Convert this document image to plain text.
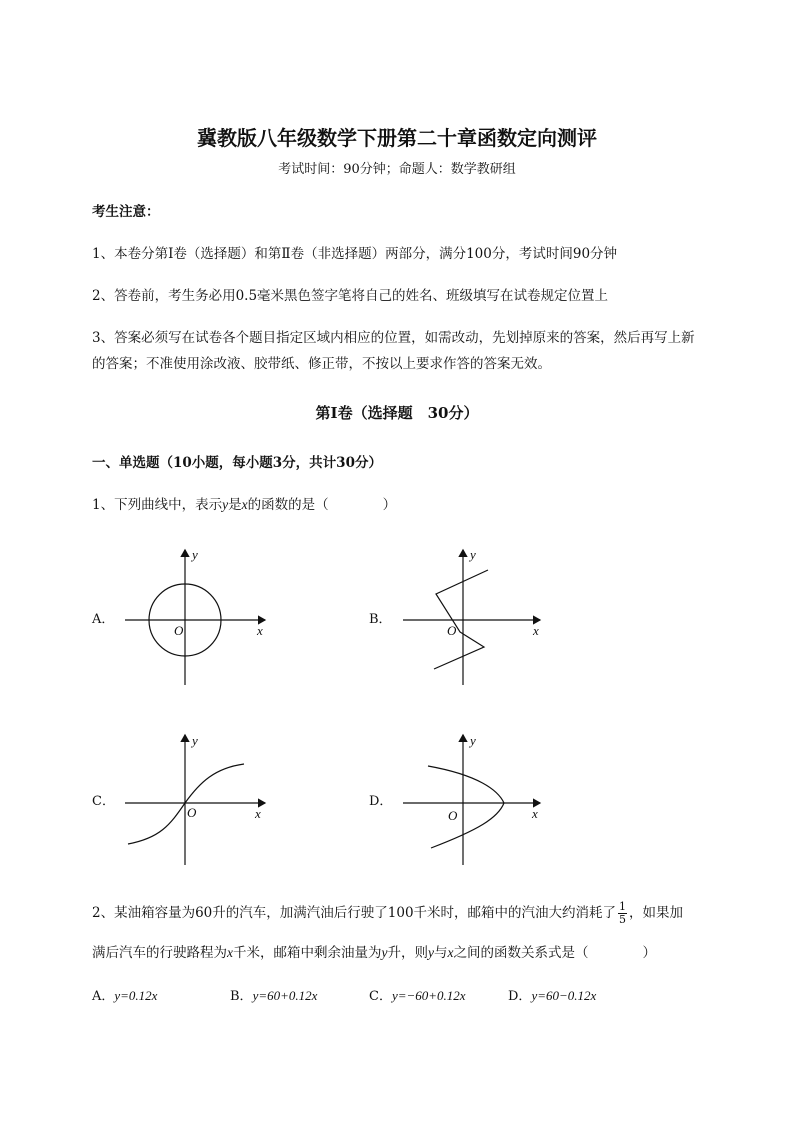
冀教版八年级数学下册第二十章函数定向测评
考试时间：90分钟；命题人：数学教研组
考生注意：
1、本卷分第I卷（选择题）和第Ⅱ卷（非选择题）两部分，满分100分，考试时间90分钟
2、答卷前，考生务必用0.5毫米黑色签字笔将自己的姓名、班级填写在试卷规定位置上
3、答案必须写在试卷各个题目指定区域内相应的位置，如需改动，先划掉原来的答案，然后再写上新
的答案；不准使用涂改液、胶带纸、修正带，不按以上要求作答的答案无效。
第I卷（选择题　30分）
一、单选题（10小题，每小题3分，共计30分）
1、下列曲线中，表示y是x的函数的是（　　　　）
A．
y
x
O
B．
y
x
O
C．
y
x
O
D．
y
x
O
2、某油箱容量为60升的汽车，加满汽油后行驶了100千米时，邮箱中的汽油大约消耗了 $\frac{1}{5}$ ，如果加
满后汽车的行驶路程为x千米，邮箱中剩余油量为y升，则y与x之间的函数关系式是（　　　　）
A．y=0.12x	B．y=60+0.12x	C．y=−60+0.12x	D．y=60−0.12x
